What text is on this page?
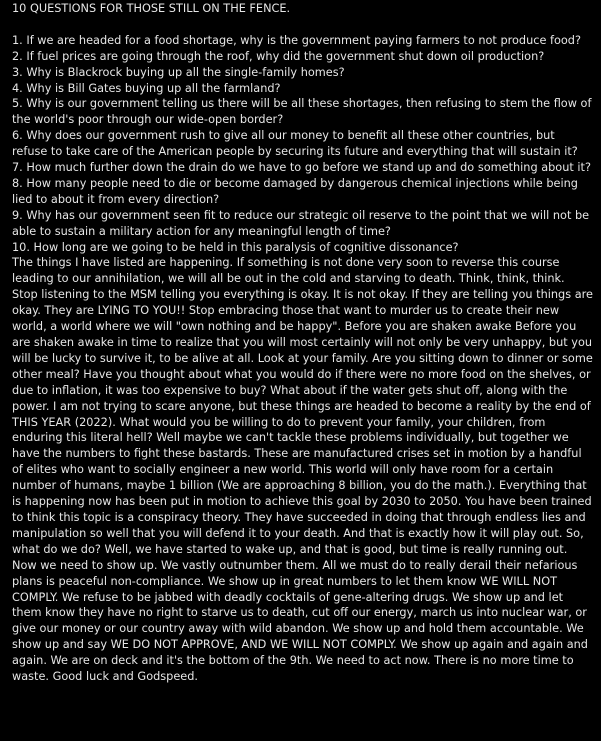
10 QUESTIONS FOR THOSE STILL ON THE FENCE.

1. If we are headed for a food shortage, why is the government paying farmers to not produce food?
2. If fuel prices are going through the roof, why did the government shut down oil production?
3. Why is Blackrock buying up all the single-family homes?
4. Why is Bill Gates buying up all the farmland?
5. Why is our government telling us there will be all these shortages, then refusing to stem the flow of the world's poor through our wide-open border?
6. Why does our government rush to give all our money to benefit all these other countries, but refuse to take care of the American people by securing its future and everything that will sustain it?
7. How much further down the drain do we have to go before we stand up and do something about it?
8. How many people need to die or become damaged by dangerous chemical injections while being lied to about it from every direction?
9. Why has our government seen fit to reduce our strategic oil reserve to the point that we will not be able to sustain a military action for any meaningful length of time?
10. How long are we going to be held in this paralysis of cognitive dissonance?

The things I have listed are happening. If something is not done very soon to reverse this course leading to our annihilation, we will all be out in the cold and starving to death. Think, think, think. Stop listening to the MSM telling you everything is okay. It is not okay. If they are telling you things are okay. They are LYING TO YOU!! Stop embracing those that want to murder us to create their new world, a world where we will "own nothing and be happy". Before you are shaken awake Before you are shaken awake in time to realize that you will most certainly will not only be very unhappy, but you will be lucky to survive it, to be alive at all. Look at your family. Are you sitting down to dinner or some other meal? Have you thought about what you would do if there were no more food on the shelves, or due to inflation, it was too expensive to buy? What about if the water gets shut off, along with the power. I am not trying to scare anyone, but these things are headed to become a reality by the end of THIS YEAR (2022). What would you be willing to do to prevent your family, your children, from enduring this literal hell? Well maybe we can't tackle these problems individually, but together we have the numbers to fight these bastards. These are manufactured crises set in motion by a handful of elites who want to socially engineer a new world. This world will only have room for a certain number of humans, maybe 1 billion (We are approaching 8 billion, you do the math.). Everything that is happening now has been put in motion to achieve this goal by 2030 to 2050. You have been trained to think this topic is a conspiracy theory. They have succeeded in doing that through endless lies and manipulation so well that you will defend it to your death. And that is exactly how it will play out. So, what do we do? Well, we have started to wake up, and that is good, but time is really running out. Now we need to show up. We vastly outnumber them. All we must do to really derail their nefarious plans is peaceful non-compliance. We show up in great numbers to let them know WE WILL NOT COMPLY. We refuse to be jabbed with deadly cocktails of gene-altering drugs. We show up and let them know they have no right to starve us to death, cut off our energy, march us into nuclear war, or give our money or our country away with wild abandon. We show up and hold them accountable. We show up and say WE DO NOT APPROVE, AND WE WILL NOT COMPLY. We show up again and again and again. We are on deck and it's the bottom of the 9th. We need to act now. There is no more time to waste. Good luck and Godspeed.
